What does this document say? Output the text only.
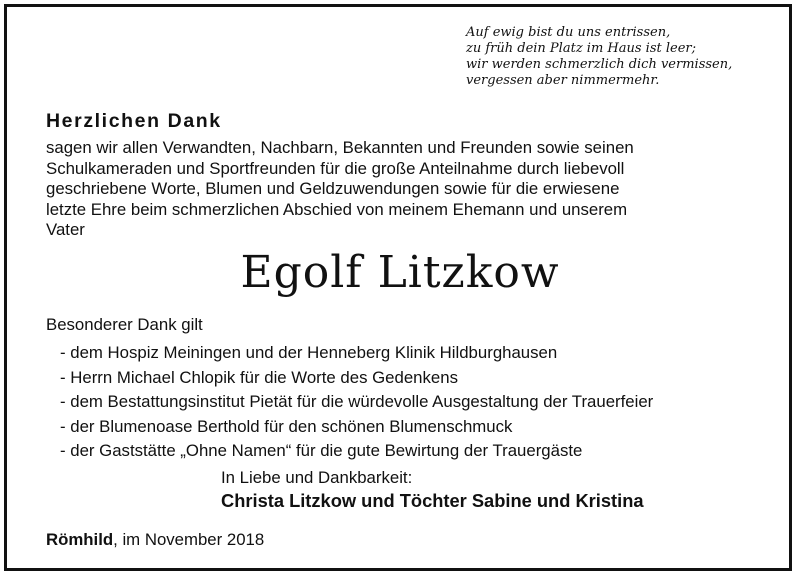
Auf ewig bist du uns entrissen,
zu früh dein Platz im Haus ist leer;
wir werden schmerzlich dich vermissen,
vergessen aber nimmermehr.
Herzlichen Dank
sagen wir allen Verwandten, Nachbarn, Bekannten und Freunden sowie seinen
Schulkameraden und Sportfreunden für die große Anteilnahme durch liebevoll
geschriebene Worte, Blumen und Geldzuwendungen sowie für die erwiesene
letzte Ehre beim schmerzlichen Abschied von meinem Ehemann und unserem
Vater
Egolf Litzkow
Besonderer Dank gilt
- dem Hospiz Meiningen und der Henneberg Klinik Hildburghausen
- Herrn Michael Chlopik für die Worte des Gedenkens
- dem Bestattungsinstitut Pietät für die würdevolle Ausgestaltung der Trauerfeier
- der Blumenoase Berthold für den schönen Blumenschmuck
- der Gaststätte „Ohne Namen“ für die gute Bewirtung der Trauergäste
In Liebe und Dankbarkeit:
Christa Litzkow und Töchter Sabine und Kristina
Römhild, im November 2018
